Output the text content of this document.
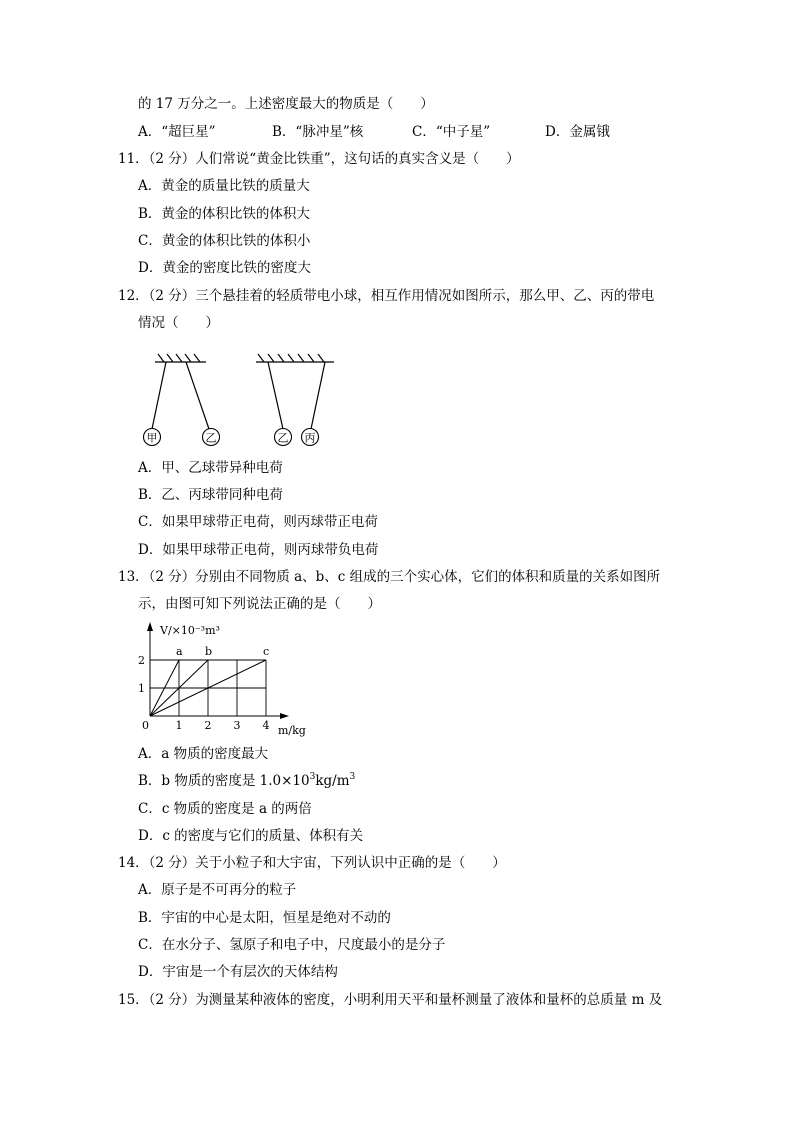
的 17 万分之一。上述密度最大的物质是（　　）
A．“超巨星”	B．“脉冲星”核	C．“中子星”	D．金属锇
11．（2 分）人们常说“黄金比铁重”，这句话的真实含义是（　　）
A．黄金的质量比铁的质量大
B．黄金的体积比铁的体积大
C．黄金的体积比铁的体积小
D．黄金的密度比铁的密度大
12．（2 分）三个悬挂着的轻质带电小球，相互作用情况如图所示，那么甲、乙、丙的带电
情况（　　）
甲	乙	乙 丙
A．甲、乙球带异种电荷
B．乙、丙球带同种电荷
C．如果甲球带正电荷，则丙球带正电荷
D．如果甲球带正电荷，则丙球带负电荷
13．（2 分）分别由不同物质 a、b、c 组成的三个实心体，它们的体积和质量的关系如图所
示，由图可知下列说法正确的是（　　）
V/×10⁻³m³
m/kg
0 1 2 3 4
1
2
a b	c
A．a 物质的密度最大
B．b 物质的密度是 $1.0\times 10^3kg/m^3$
C．c 物质的密度是 a 的两倍
D．c 的密度与它们的质量、体积有关
14．（2 分）关于小粒子和大宇宙，下列认识中正确的是（　　）
A．原子是不可再分的粒子
B．宇宙的中心是太阳，恒星是绝对不动的
C．在水分子、氢原子和电子中，尺度最小的是分子
D．宇宙是一个有层次的天体结构
15．（2 分）为测量某种液体的密度，小明利用天平和量杯测量了液体和量杯的总质量 m 及
